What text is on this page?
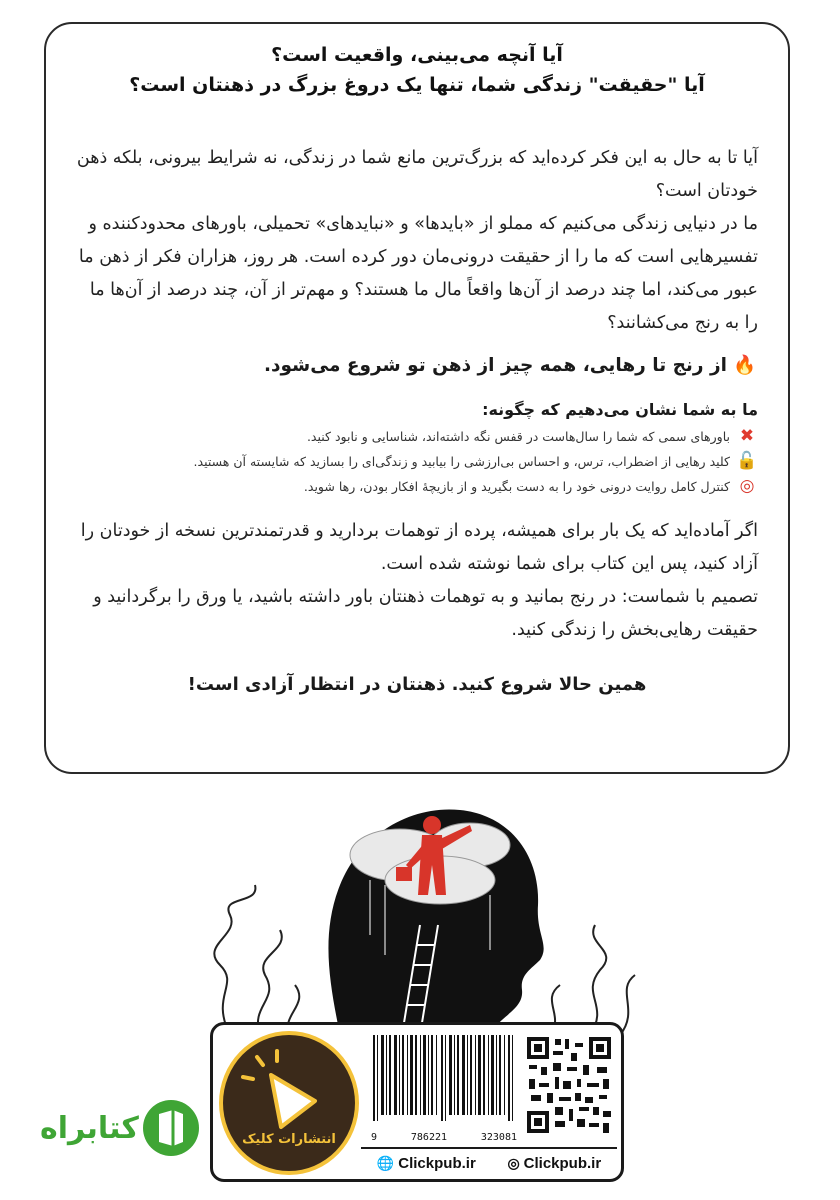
آیا آنچه می‌بینی، واقعیت است؟
آیا "حقیقت" زندگی شما، تنها یک دروغ بزرگ در ذهنتان است؟

آیا تا به حال به این فکر کرده‌اید که بزرگ‌ترین مانع شما در زندگی، نه شرایط بیرونی، بلکه ذهن خودتان است؟

ما در دنیایی زندگی می‌کنیم که مملو از «بایدها» و «نبایدهای» تحمیلی، باورهای محدودکننده و تفسیرهایی است که ما را از حقیقت درونی‌مان دور کرده است. هر روز، هزاران فکر از ذهن ما عبور می‌کند، اما چند درصد از آن‌ها واقعاً مال ما هستند؟ و مهم‌تر از آن، چند درصد از آن‌ها ما را به رنج می‌کشانند؟

🔥از رنج تا رهایی، همه چیز از ذهن تو شروع می‌شود.
ما به شما نشان می‌دهیم که چگونه:
✖
باورهای سمی که شما را سال‌هاست در قفس نگه داشته‌اند، شناسایی و نابود کنید.
🔓
کلید رهایی از اضطراب، ترس، و احساس بی‌ارزشی را بیابید و زندگی‌ای را بسازید که شایسته آن هستید.
◎
کنترل کامل روایت درونی خود را به دست بگیرید و از بازیچهٔ افکار بودن، رها شوید.

اگر آماده‌اید که یک بار برای همیشه، پرده از توهمات بردارید و قدرتمندترین نسخه از خودتان را آزاد کنید، پس این کتاب برای شما نوشته شده است.

تصمیم با شماست: در رنج بمانید و به توهمات ذهنتان باور داشته باشید، یا ورق را برگردانید و حقیقت رهایی‌بخش را زندگی کنید.

همین حالا شروع کنید. ذهنتان در انتظار آزادی است!
انتشارات کلیک	9	786221	323081
🌐 Clickpub.ir ◎ Clickpub.ir
کتابراه
